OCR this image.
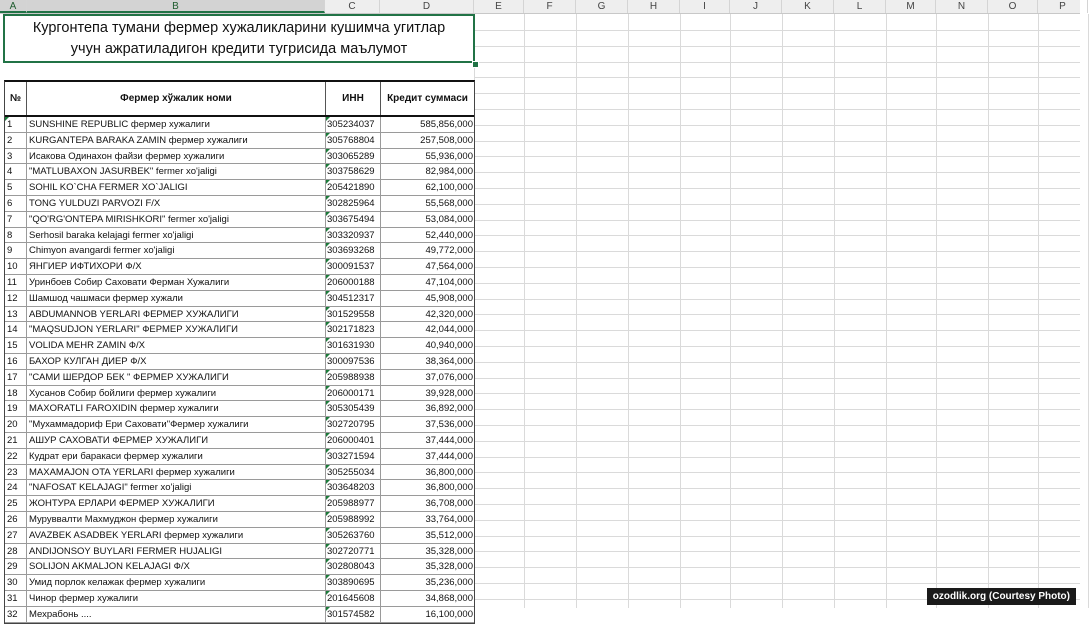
A	B	C	D	E	F	G	H	I	J	K	L	M	N	O	P
Кургонтепа тумани фермер хужаликларини кушимча угитлар учун ажратиладигон кредити тугрисида маълумот
№	Фермер хўжалик номи	ИНН	Кредит суммаси
1	SUNSHINE REPUBLIC фермер хужалиги	305234037	585,856,000
2	KURGANTEPA BARAKA ZAMIN фермер хужалиги	305768804	257,508,000
3	Исакова Одинахон файзи фермер хужалиги	303065289	55,936,000
4	"MATLUBAXON JASURBEK" fermer xo'jaligi	303758629	82,984,000
5	SOHIL KO`CHA FERMER XO`JALIGI	205421890	62,100,000
6	TONG YULDUZI PARVOZI F/X	302825964	55,568,000
7	"QO'RG'ONTEPA MIRISHKORI" fermer xo'jaligi	303675494	53,084,000
8	Serhosil baraka kelajagi fermer xo'jaligi	303320937	52,440,000
9	Chimyon avangardi fermer xo'jaligi	303693268	49,772,000
10	ЯНГИЕР ИФТИХОРИ Ф/Х	300091537	47,564,000
11	Уринбоев Собир Саховати Ферман Хужалиги	206000188	47,104,000
12	Шамшод чашмаси фермер хужали	304512317	45,908,000
13	ABDUMANNOB YERLARI ФЕРМЕР ХУЖАЛИГИ	301529558	42,320,000
14	"MAQSUDJON YERLARI" ФЕРМЕР ХУЖАЛИГИ	302171823	42,044,000
15	VOLIDA MEHR ZAMIN Ф/Х	301631930	40,940,000
16	БАХОР КУЛГАН ДИЕР Ф/Х	300097536	38,364,000
17	"САМИ ШЕРДОР БЕК " ФЕРМЕР ХУЖАЛИГИ	205988938	37,076,000
18	Хусанов Собир бойлиги фермер хужалиги	206000171	39,928,000
19	MAXORATLI FAROXIDIN фермер хужалиги	305305439	36,892,000
20	"Мухаммадориф Ери Саховати"Фермер хужалиги	302720795	37,536,000
21	АШУР САХОВАТИ ФЕРМЕР ХУЖАЛИГИ	206000401	37,444,000
22	Кудрат ери баракаси фермер хужалиги	303271594	37,444,000
23	MAXAMAJON OTA YERLARI фермер хужалиги	305255034	36,800,000
24	"NAFOSAT KELAJAGI" fermer xo'jaligi	303648203	36,800,000
25	ЖОНТУРА ЕРЛАРИ ФЕРМЕР ХУЖАЛИГИ	205988977	36,708,000
26	Муруввалти Махмуджон фермер хужалиги	205988992	33,764,000
27	AVAZBEK ASADBEK YERLARI фермер хужалиги	305263760	35,512,000
28	ANDIJONSOY BUYLARI FERMER HUJALIGI	302720771	35,328,000
29	SOLIJON AKMALJON KELAJAGI Ф/Х	302808043	35,328,000
30	Умид порлок келажак фермер хужалиги	303890695	35,236,000
31	Чинор фермер хужалиги	201645608	34,868,000
32	Мехрабонь ....	301574582	16,100,000
ozodlik.org (Courtesy Photo)
